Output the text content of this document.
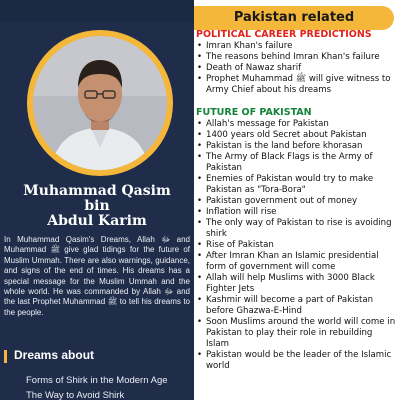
Muhammad Qasim
bin
Abdul Karim
In Muhammad Qasim's Dreams, Allah ﷻ and Muhammad ﷺ give glad tidings for the future of Muslim Ummah. There are also warnings, guidance, and signs of the end of times. His dreams has a special message for the Muslim Ummah and the whole world. He was commanded by Allah ﷻ and the last Prophet Muhammad ﷺ to tell his dreams to the people.
Dreams about
Forms of Shirk in the Modern Age
The Way to Avoid Shirk
Pakistan related
POLITICAL CAREER PREDICTIONS
• Imran Khan's failure
• The reasons behind Imran Khan's failure
• Death of Nawaz sharif
• Prophet Muhammad ﷺ will give witness to Army Chief about his dreams
FUTURE OF PAKISTAN
• Allah's message for Pakistan
• 1400 years old Secret about Pakistan
• Pakistan is the land before khorasan
• The Army of Black Flags is the Army of Pakistan
• Enemies of Pakistan would try to make Pakistan as "Tora-Bora"
• Pakistan government out of money
• Inflation will rise
• The only way of Pakistan to rise is avoiding shirk
• Rise of Pakistan
• After Imran Khan an Islamic presidential form of government will come
• Allah will help Muslims with 3000 Black Fighter Jets
• Kashmir will become a part of Pakistan before Ghazwa-E-Hind
• Soon Muslims around the world will come in Pakistan to play their role in rebuilding Islam
• Pakistan would be the leader of the Islamic world
